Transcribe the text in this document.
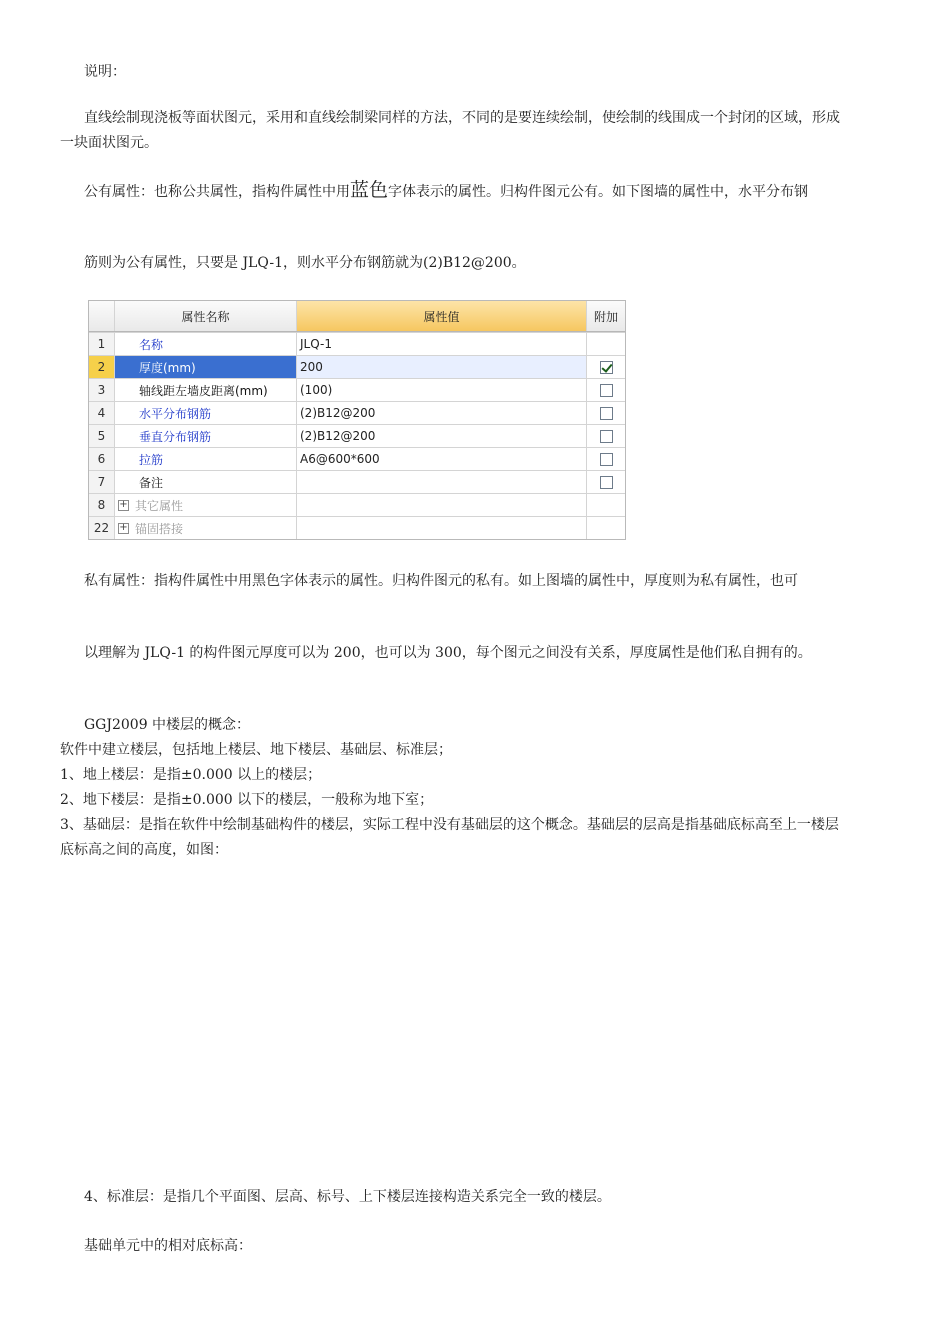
说明：

直线绘制现浇板等面状图元，采用和直线绘制梁同样的方法，不同的是要连续绘制，使绘制的线围成一个封闭的区域，形成一块面状图元。

公有属性：也称公共属性，指构件属性中用蓝色字体表示的属性。归构件图元公有。如下图墙的属性中，水平分布钢

筋则为公有属性，只要是 JLQ-1，则水平分布钢筋就为(2)B12@200。

属性名称	属性值	附加
1	名称	JLQ-1
2	厚度(mm)	200
3	轴线距左墙皮距离(mm)	(100)
4	水平分布钢筋	(2)B12@200
5	垂直分布钢筋	(2)B12@200
6	拉筋	A6@600*600
7	备注
8	+ 其它属性
22	+ 锚固搭接

私有属性：指构件属性中用黑色字体表示的属性。归构件图元的私有。如上图墙的属性中，厚度则为私有属性，也可

以理解为 JLQ-1 的构件图元厚度可以为 200，也可以为 300，每个图元之间没有关系，厚度属性是他们私自拥有的。

GGJ2009 中楼层的概念：

软件中建立楼层，包括地上楼层、地下楼层、基础层、标准层；

1、地上楼层：是指±0.000 以上的楼层；

2、地下楼层：是指±0.000 以下的楼层，一般称为地下室；

3、基础层：是指在软件中绘制基础构件的楼层，实际工程中没有基础层的这个概念。基础层的层高是指基础底标高至上一楼层底标高之间的高度，如图：

4、标准层：是指几个平面图、层高、标号、上下楼层连接构造关系完全一致的楼层。

基础单元中的相对底标高：
